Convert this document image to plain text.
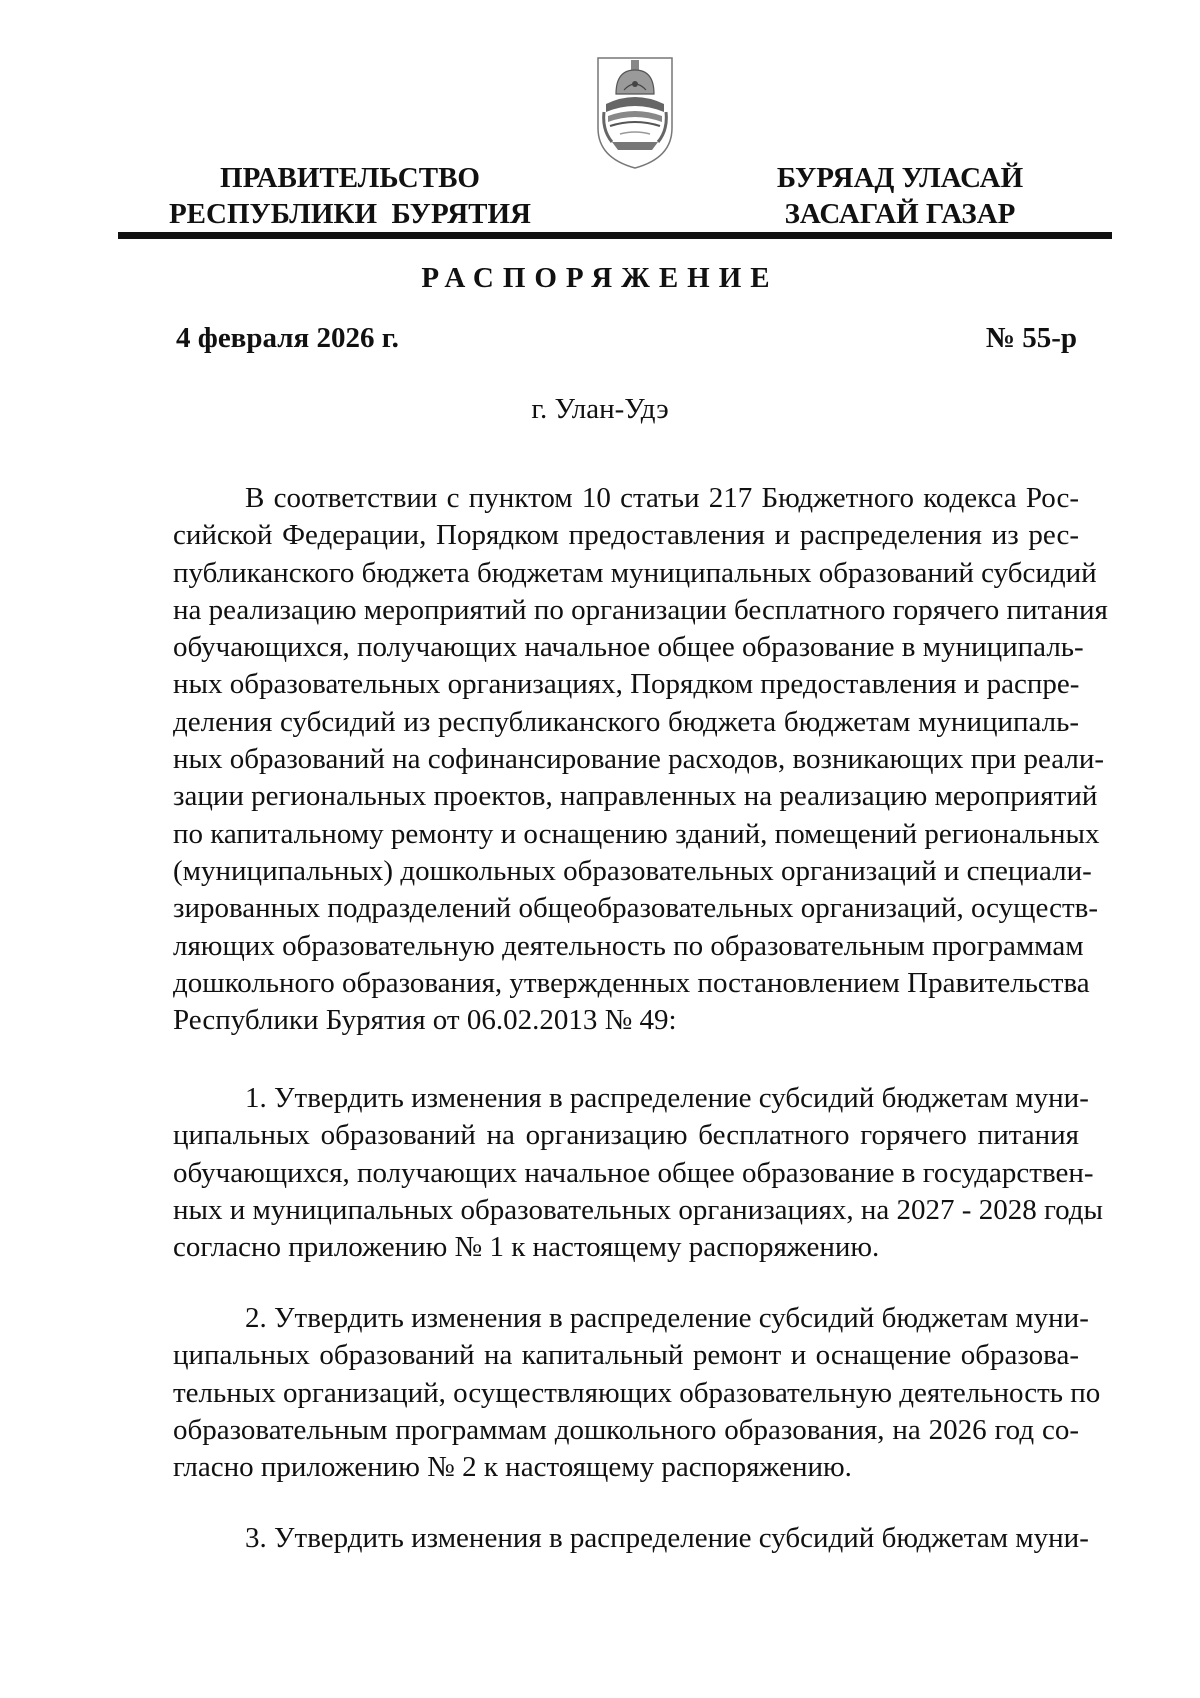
ПРАВИТЕЛЬСТВО
РЕСПУБЛИКИ  БУРЯТИЯ
БУРЯАД УЛАСАЙ
ЗАСАГАЙ ГАЗАР
РАСПОРЯЖЕНИЕ
4 февраля 2026 г.	№ 55-р
г. Улан-Удэ
В соответствии с пунктом 10 статьи 217 Бюджетного кодекса Рос-
сийской Федерации, Порядком предоставления и распределения из рес-
публиканского бюджета бюджетам муниципальных образований субсидий
на реализацию мероприятий по организации бесплатного горячего питания
обучающихся, получающих начальное общее образование в муниципаль-
ных образовательных организациях, Порядком предоставления и распре-
деления субсидий из республиканского бюджета бюджетам муниципаль-
ных образований на софинансирование расходов, возникающих при реали-
зации региональных проектов, направленных на реализацию мероприятий
по капитальному ремонту и оснащению зданий, помещений региональных
(муниципальных) дошкольных образовательных организаций и специали-
зированных подразделений общеобразовательных организаций, осуществ-
ляющих образовательную деятельность по образовательным программам
дошкольного образования, утвержденных постановлением Правительства
Республики Бурятия от 06.02.2013 № 49:
1. Утвердить изменения в распределение субсидий бюджетам муни-
ципальных образований на организацию бесплатного горячего питания
обучающихся, получающих начальное общее образование в государствен-
ных и муниципальных образовательных организациях, на 2027 - 2028 годы
согласно приложению № 1 к настоящему распоряжению.
2. Утвердить изменения в распределение субсидий бюджетам муни-
ципальных образований на капитальный ремонт и оснащение образова-
тельных организаций, осуществляющих образовательную деятельность по
образовательным программам дошкольного образования, на 2026 год со-
гласно приложению № 2 к настоящему распоряжению.
3. Утвердить изменения в распределение субсидий бюджетам муни-
